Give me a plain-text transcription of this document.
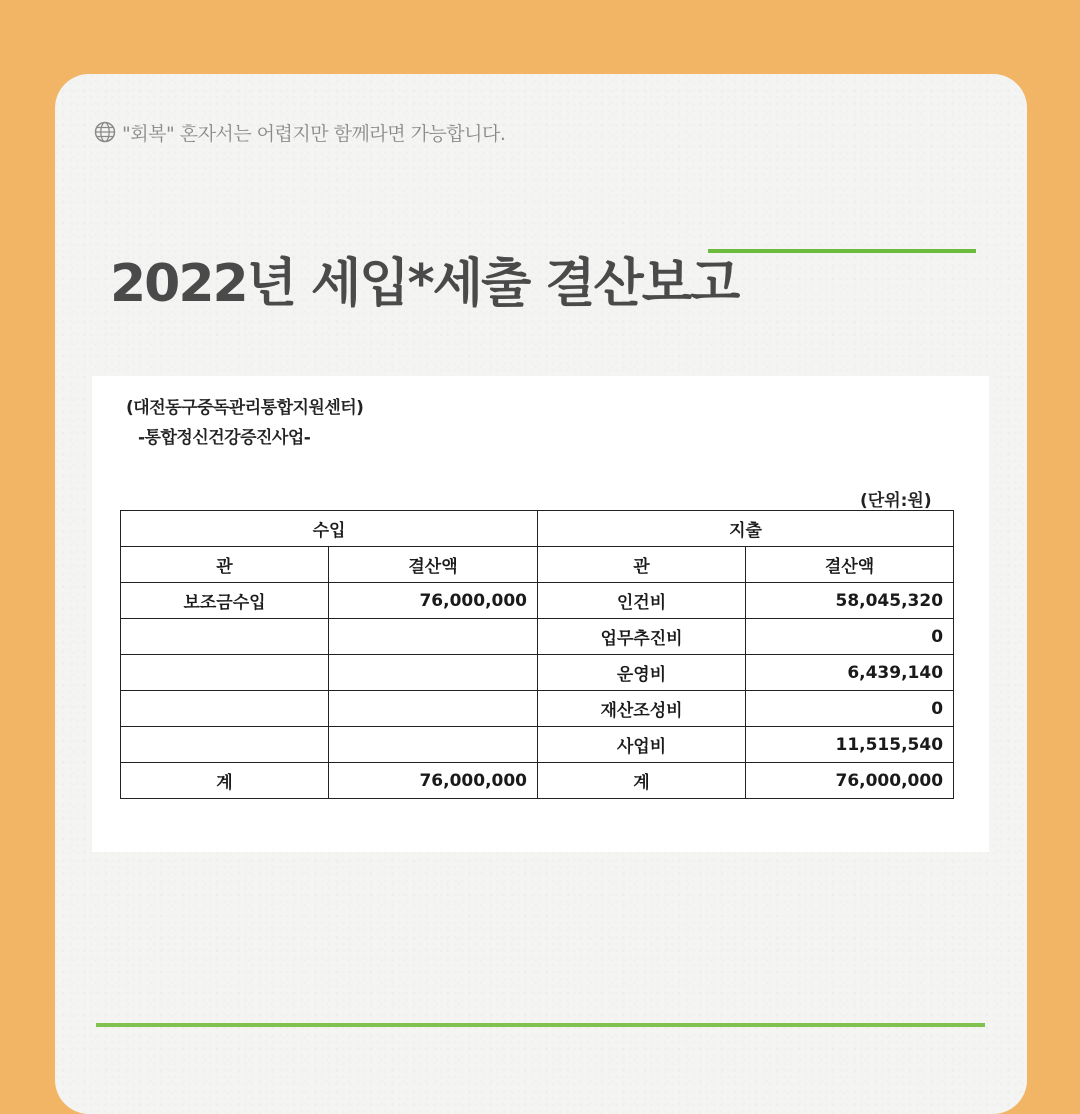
"회복" 혼자서는 어렵지만 함께라면 가능합니다.
2022년 세입*세출 결산보고
(대전동구중독관리통합지원센터)
-통합정신건강증진사업-
(단위:원)
수입		지출	
관	결산액	관	결산액
보조금수입	76,000,000	인건비	58,045,320
		업무추진비	0
		운영비	6,439,140
		재산조성비	0
		사업비	11,515,540
계	76,000,000	계	76,000,000
